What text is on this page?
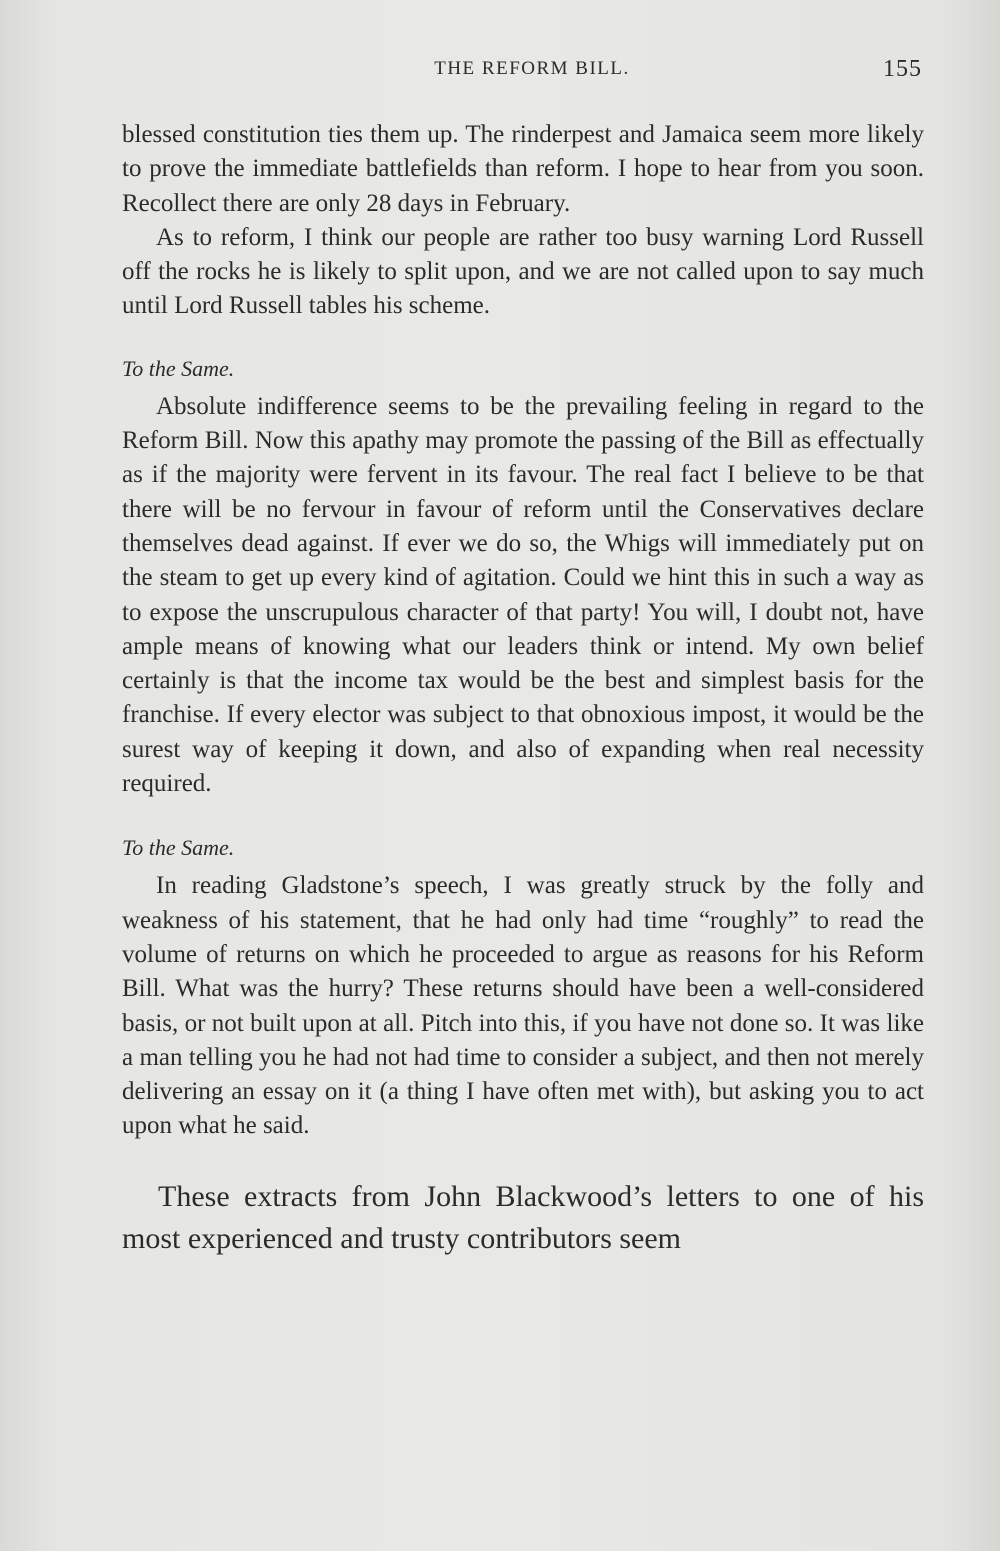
THE REFORM BILL.	155

blessed constitution ties them up. The rinderpest and Jamaica seem more likely to prove the immediate battlefields than reform. I hope to hear from you soon. Recollect there are only 28 days in February.

As to reform, I think our people are rather too busy warning Lord Russell off the rocks he is likely to split upon, and we are not called upon to say much until Lord Russell tables his scheme.

To the Same.

Absolute indifference seems to be the prevailing feeling in regard to the Reform Bill. Now this apathy may promote the passing of the Bill as effectually as if the majority were fervent in its favour. The real fact I believe to be that there will be no fervour in favour of reform until the Conservatives declare themselves dead against. If ever we do so, the Whigs will immediately put on the steam to get up every kind of agitation. Could we hint this in such a way as to expose the unscrupulous character of that party! You will, I doubt not, have ample means of knowing what our leaders think or intend. My own belief certainly is that the income tax would be the best and simplest basis for the franchise. If every elector was subject to that obnoxious impost, it would be the surest way of keeping it down, and also of expanding when real necessity required.

To the Same.

In reading Gladstone’s speech, I was greatly struck by the folly and weakness of his statement, that he had only had time “roughly” to read the volume of returns on which he proceeded to argue as reasons for his Reform Bill. What was the hurry? These returns should have been a well-considered basis, or not built upon at all. Pitch into this, if you have not done so. It was like a man telling you he had not had time to consider a subject, and then not merely delivering an essay on it (a thing I have often met with), but asking you to act upon what he said.

These extracts from John Blackwood’s letters to one of his most experienced and trusty contributors seem
